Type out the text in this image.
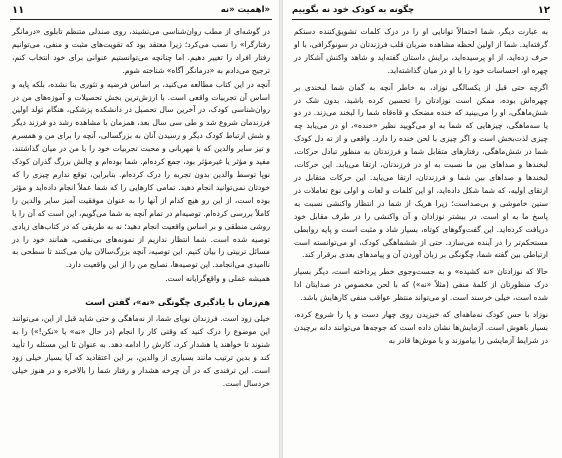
۱۱	اهمیت «نه»

در گوشه‌ای از مطب روان‌شناسی می‌نشیند، روی صندلی متنظم تابلوی «درمانگر رفتارگرا» را نصب می‌کرد؛ زیرا معتقد بود که تقویت‌های مثبت و منفی، می‌توانیم رفتار افراد را تغییر دهیم. اما چنانچه می‌توانستیم عنوانی برای خود انتخاب کنم، ترجیح می‌دادم به «درمانگر آگاه» شناخته شوم.

آنچه در این کتاب مطالعه می‌کنید، بر اساس فرضیه و تئوری بنا نشده، بلکه پایه و اساس آن تجربیات واقعی است. با ارزش‌ترین بخش تحصیلات و آموزه‌های من در روان‌شناسی کودک، در آخرین سال تحصیل در دانشکده پزشکی، هنگام تولد اولین فرزندمان شروع شد و طی سی سال بعد، همزمان با مشاهده رشد دو فرزند دیگر و شش ارتباط کودک دیگر و رسیدن آنان به بزرگسالی، آنچه را برای من و همسرم و تیز سایر والدین که با مهربانی و محبت تجربیات خود را با من در میان گذاشتند، مفید و مؤثر یا غیرمؤثر بود، جمع کرده‌ام. شما بوده‌ام و چالش بزرگ گذران کودک نوپا توسط والدین بدون تجربه را درک کرده‌ام. بنابراین، توقع ندارم چیزی را که خودتان نمی‌توانید انجام دهید. تمامی کارهایی را که شما عملاً انجام داده‌اید و مؤثر بوده است، از این رو هیچ کدام از آنها را به عنوان موفقیت آمیز سایر والدین را کاملاً بررسی کرده‌ام. توصیه‌ام در تمام آنچه به شما می‌گویم، این است که آن را با روشی منطقی و بر اساس واقعیت انجام دهید؛ نه به طریقی که در کتاب‌های زیادی توصیه شده است. شما انتظار نداریم از نمونه‌های بی‌نقصی، همانند خود را در مسائل تربیتی را بیان کنیم. این توصیه، آنچه بزرگ‌سالان بیان می‌کنند تا سطحی به ناامیدی می‌انجامد. این توصیه‌ها، نصایح من را از این واقعیت دارد.

همیشه عملی و واقع‌گرایانه است.

هم‌زمان با یادگیری چگونگی «نه»، گفتن است

خیلی زود است. فرزندان نوپای شما، از نه‌ماهگی و حتی شاید قبل از این، می‌توانند این موضوع را درک کنید که وقتی کار را انجام (در حال «نه» یا «نکن!») را به شنوند تا خواهند یا هشدار کرد، کارش را ادامه دهد. به عنوان تا این مسئله را تأیید کند و بدین ترتیب مانند بسیاری از والدین، بر این اعتقادید که آیا بسیار خیلی زود است. این ترفندی که در آن چرخه هشدار و رفتار شما را بالاخره و در هنوز خیلی خردسال است.

۱۲
چگونه به کودک خود نه بگوییم

به عبارت دیگر، شما احتمالاً توانایی او را در درک کلمات تشویق‌کننده دستکم گرفته‌اید. شما از اولین لحظه مشاهده ضربان قلب فرزندتان در سونوگرافی، با او حرف زده‌اید، از او پرسیده‌اید، برایش داستان گفته‌اید و شاهد واکنش آشکار در چهره او، احساسات خود را با او در میان گذاشته‌اید.

اگرچه حتی قبل از یکسالگی نوزاد، به خاطر آنچه به گمان شما لبخندی بر چهره‌اش بوده، ممکن است نوزادتان را تحسین کرده باشید، بدون شک در شش‌ماهگی، او را می‌بینید که خنده مضحک و قاه‌قاه شما را لبخند می‌زند. در دو یا سه‌ماهگی، چیزهایی که شما به او می‌گویید نظیر «خنده»، او در می‌یابد چه چیزی لذت‌بخش است و اگر چیزی با لحن خنده را دارد. واقعی و از ته دل کودک شما در شش‌ماهگی، رفتارهای متقابل شما و فرزندتان به منظور تبادل حرکات، لبخندها و صداهای بین ما نسبت به او در فرزندتان، ارتقا می‌یابد. این حرکات، لبخندها و صداهای بین شما و فرزندتان، ارتقا می‌یابد. این حرکات متقابل در ارتقای اولیه، که شما شکل داده‌اید، او این کلمات و لغات و اولی نوع تعاملات در سنین خاموشی و بی‌صداست؛ زیرا هریک از شما در انتظار واکنشی نسبت به پاسخ ما به او است. در بیشتر نوزادان و آن واکنشی را در طرف مقابل خود دریافت کرده‌اید. این گفت‌وگوهای کوتاه، بسیار شاد و مثبت است و پایه روابطی مستحکم‌تر را در آینده می‌سازد. حتی از ششماهگی کودک، او می‌توانسته است ارتباطی بین گفته شما، چگونگی بر زبان آوردن آن و پیامدهای بعدی برقرار کند.

حالا که نوزادتان «نه کشیده» و به جست‌وجوی خطر پرداخته است، دیگر بسیار درک منظورتان از کلمهٔ منفی (مثلاً «نه») که با لحن مخصوص در صدایتان ادا شده است، خیلی خرسند است. او می‌تواند منتظر عواقب منفی کارهایش باشد.

نوزاد با حس کودک نه‌ماهه‌ای که خیزیدن روی چهار دست و پا را شروع کرده، بسیار باهوش است. آزمایش‌ها نشان داده است که جوجه‌ها می‌توانند دانه برچیدن در شرایط آزمایشی را بیاموزند و یا موش‌ها قادر به
